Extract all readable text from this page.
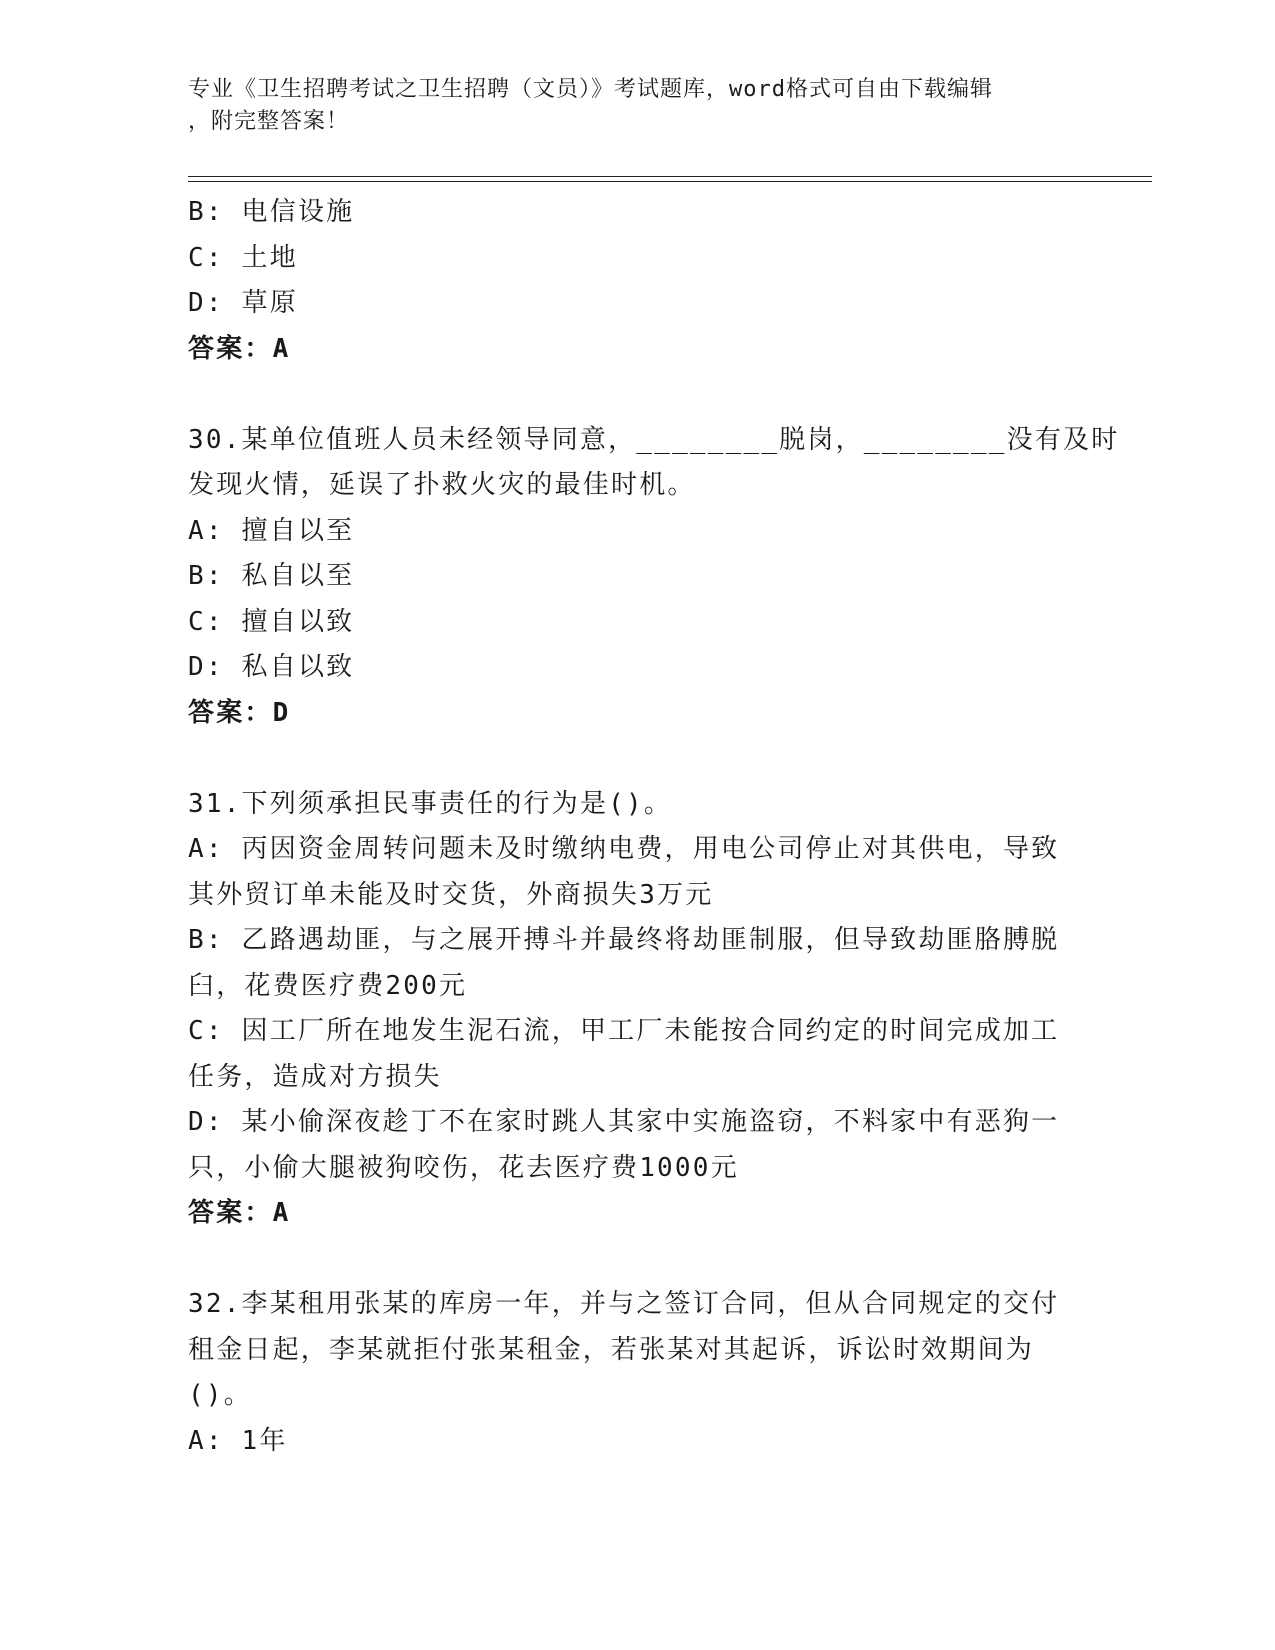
专业《卫生招聘考试之卫生招聘（文员）》考试题库，word格式可自由下载编辑
，附完整答案！
B: 电信设施
C: 土地
D: 草原
答案：A
30.某单位值班人员未经领导同意，________脱岗，________没有及时
发现火情，延误了扑救火灾的最佳时机。
A: 擅自以至
B: 私自以至
C: 擅自以致
D: 私自以致
答案：D
31.下列须承担民事责任的行为是()。
A: 丙因资金周转问题未及时缴纳电费，用电公司停止对其供电，导致
其外贸订单未能及时交货，外商损失3万元
B: 乙路遇劫匪，与之展开搏斗并最终将劫匪制服，但导致劫匪胳膊脱
臼，花费医疗费200元
C: 因工厂所在地发生泥石流，甲工厂未能按合同约定的时间完成加工
任务，造成对方损失
D: 某小偷深夜趁丁不在家时跳人其家中实施盗窃，不料家中有恶狗一
只，小偷大腿被狗咬伤，花去医疗费1000元
答案：A
32.李某租用张某的库房一年，并与之签订合同，但从合同规定的交付
租金日起，李某就拒付张某租金，若张某对其起诉，诉讼时效期间为
()。
A: 1年
